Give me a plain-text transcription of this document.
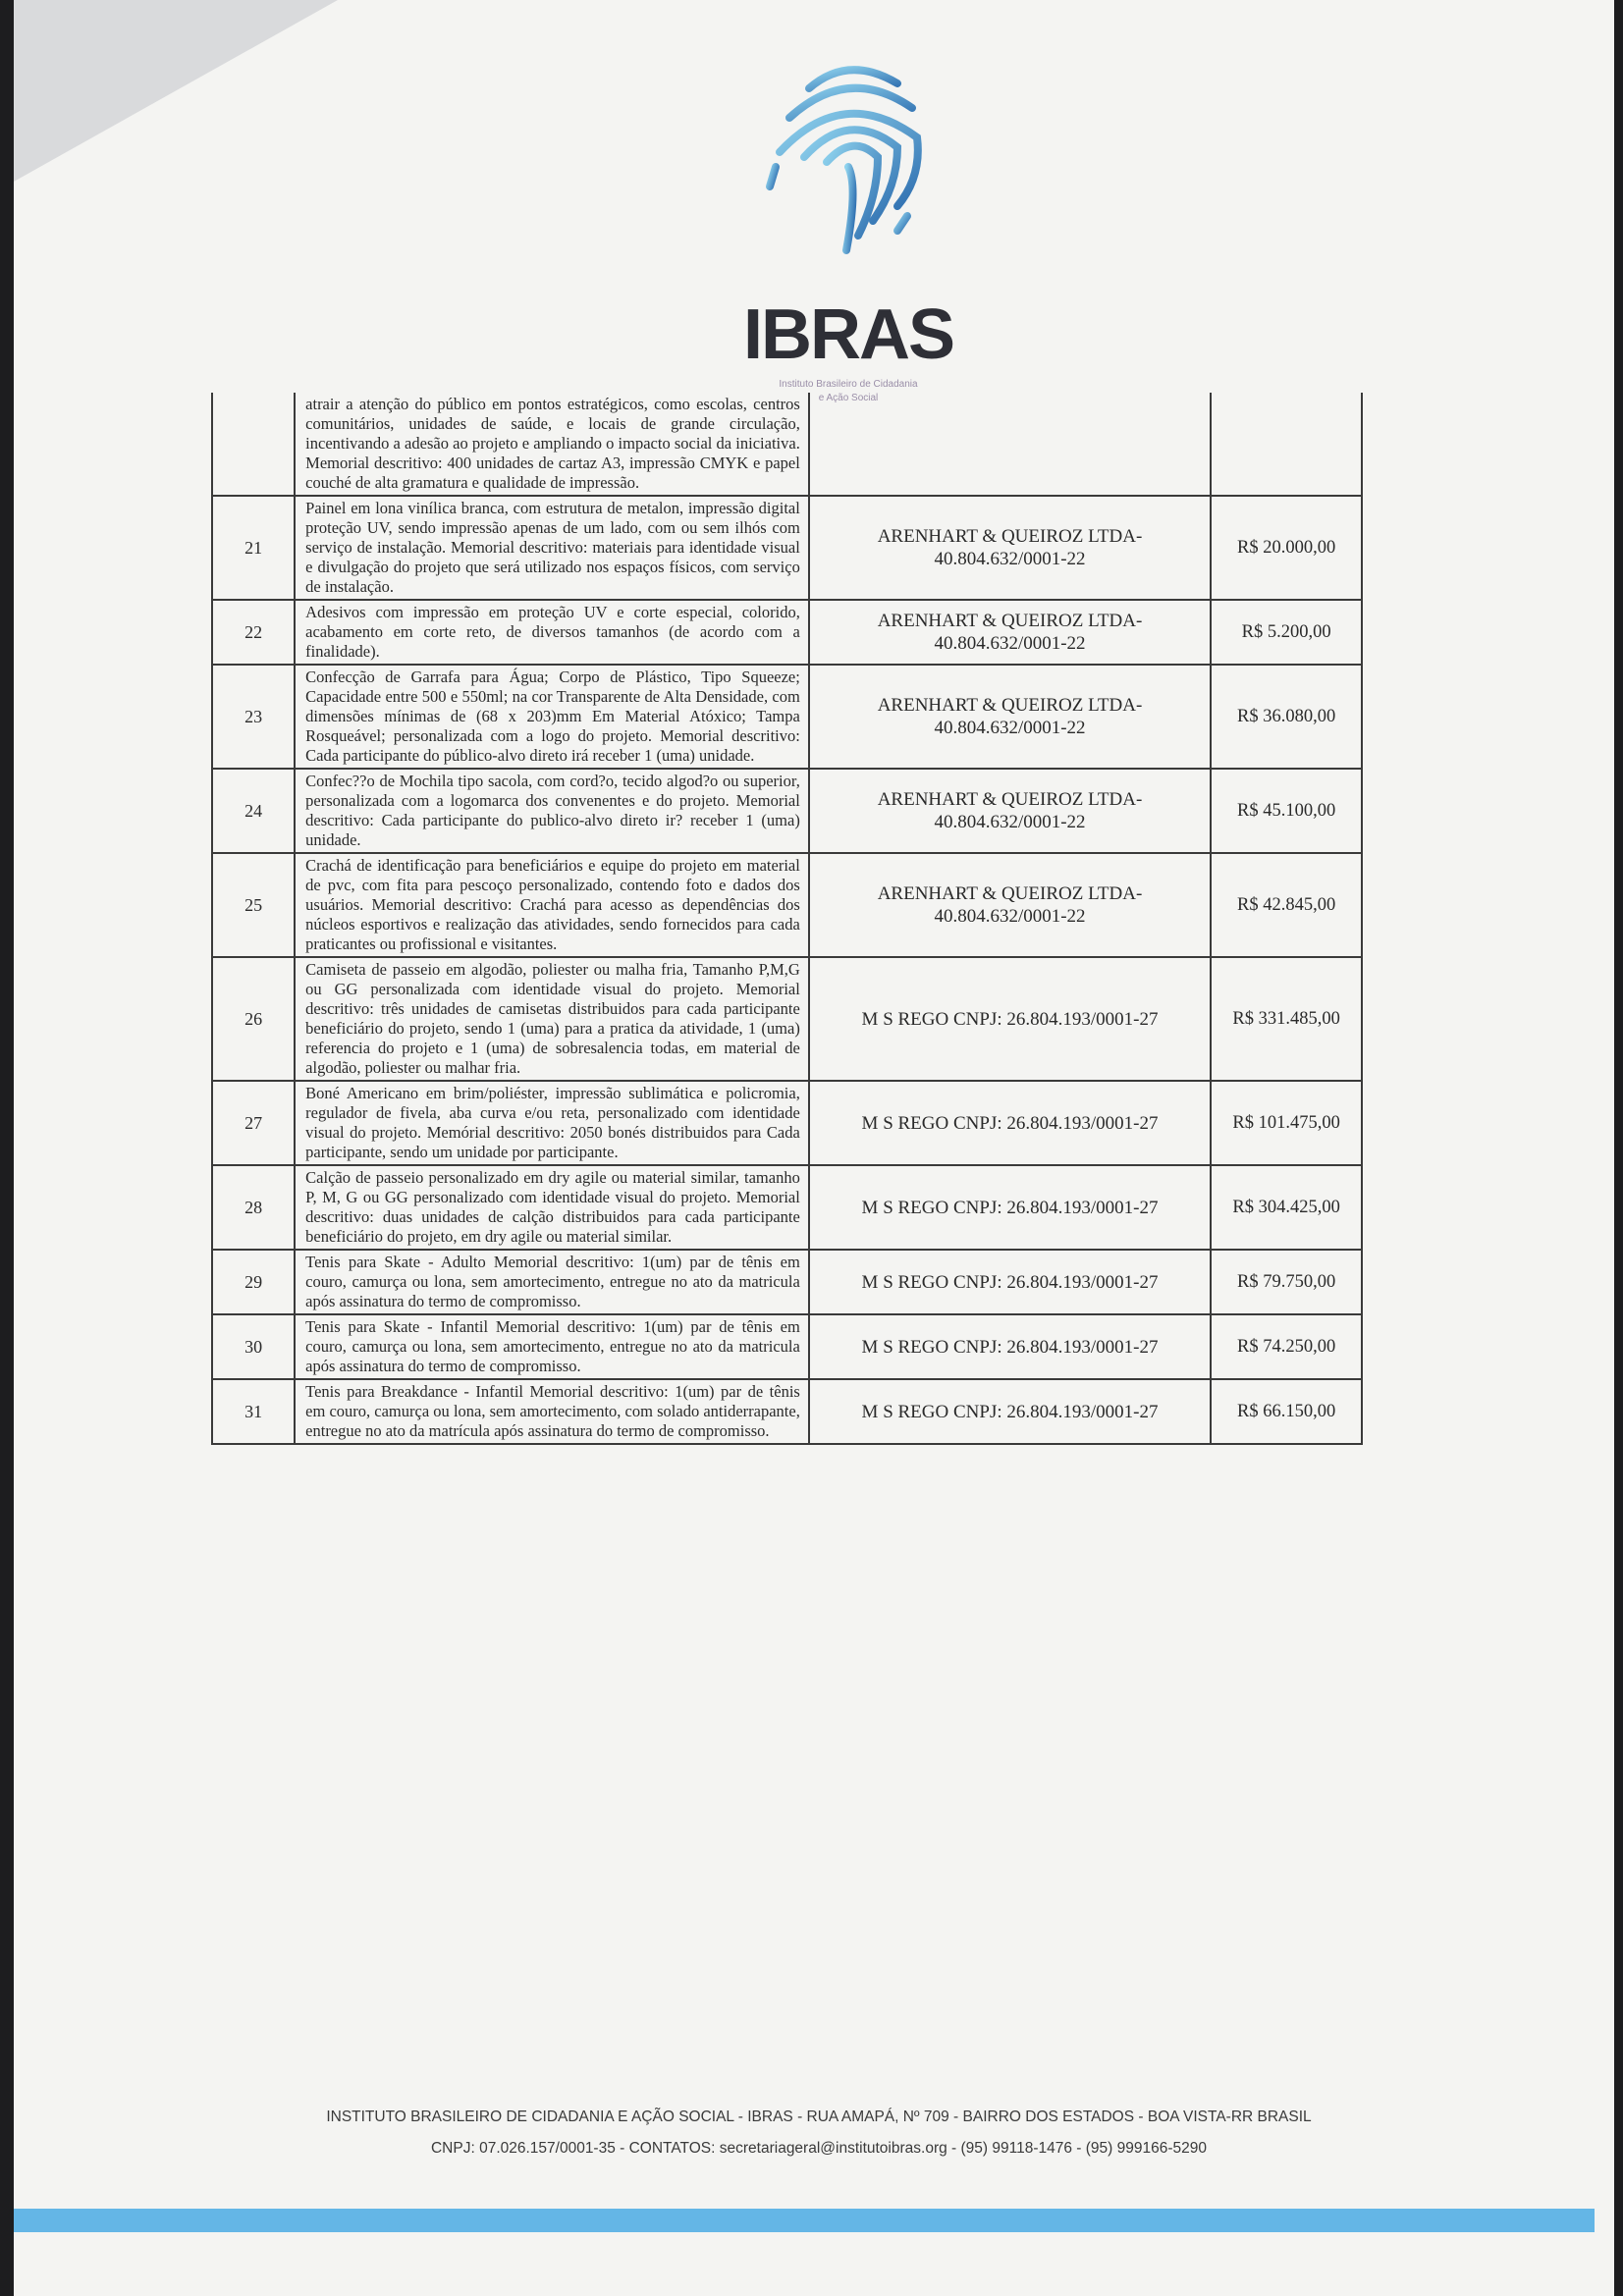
IBRAS
Instituto Brasileiro de Cidadania
e Ação Social
	atrair a atenção do público em pontos estratégicos, como escolas, centros comunitários, unidades de saúde, e locais de grande circulação, incentivando a adesão ao projeto e ampliando o impacto social da iniciativa. Memorial descritivo: 400 unidades de cartaz A3, impressão CMYK e papel couché de alta gramatura e qualidade de impressão.		
21	Painel em lona vinílica branca, com estrutura de metalon, impressão digital proteção UV, sendo impressão apenas de um lado, com ou sem ilhós com serviço de instalação. Memorial descritivo: materiais para identidade visual e divulgação do projeto que será utilizado nos espaços físicos, com serviço de instalação.	ARENHART & QUEIROZ LTDA- 40.804.632/0001-22	R$ 20.000,00
22	Adesivos com impressão em proteção UV e corte especial, colorido, acabamento em corte reto, de diversos tamanhos (de acordo com a finalidade).	ARENHART & QUEIROZ LTDA- 40.804.632/0001-22	R$ 5.200,00
23	Confecção de Garrafa para Água; Corpo de Plástico, Tipo Squeeze; Capacidade entre 500 e 550ml; na cor Transparente de Alta Densidade, com dimensões mínimas de (68 x 203)mm Em Material Atóxico; Tampa Rosqueável; personalizada com a logo do projeto. Memorial descritivo: Cada participante do público-alvo direto irá receber 1 (uma) unidade.	ARENHART & QUEIROZ LTDA- 40.804.632/0001-22	R$ 36.080,00
24	Confec??o de Mochila tipo sacola, com cord?o, tecido algod?o ou superior, personalizada com a logomarca dos convenentes e do projeto. Memorial descritivo: Cada participante do publico-alvo direto ir? receber 1 (uma) unidade.	ARENHART & QUEIROZ LTDA- 40.804.632/0001-22	R$ 45.100,00
25	Crachá de identificação para beneficiários e equipe do projeto em material de pvc, com fita para pescoço personalizado, contendo foto e dados dos usuários. Memorial descritivo: Crachá para acesso as dependências dos núcleos esportivos e realização das atividades, sendo fornecidos para cada praticantes ou profissional e visitantes.	ARENHART & QUEIROZ LTDA- 40.804.632/0001-22	R$ 42.845,00
26	Camiseta de passeio em algodão, poliester ou malha fria, Tamanho P,M,G ou GG personalizada com identidade visual do projeto. Memorial descritivo: três unidades de camisetas distribuidos para cada participante beneficiário do projeto, sendo 1 (uma) para a pratica da atividade, 1 (uma) referencia do projeto e 1 (uma) de sobresalencia todas, em material de algodão, poliester ou malhar fria.	M S REGO CNPJ: 26.804.193/0001-27	R$ 331.485,00
27	Boné Americano em brim/poliéster, impressão sublimática e policromia, regulador de fivela, aba curva e/ou reta, personalizado com identidade visual do projeto. Memórial descritivo: 2050 bonés distribuidos para Cada participante, sendo um unidade por participante.	M S REGO CNPJ: 26.804.193/0001-27	R$ 101.475,00
28	Calção de passeio personalizado em dry agile ou material similar, tamanho P, M, G ou GG personalizado com identidade visual do projeto. Memorial descritivo: duas unidades de calção distribuidos para cada participante beneficiário do projeto, em dry agile ou material similar.	M S REGO CNPJ: 26.804.193/0001-27	R$ 304.425,00
29	Tenis para Skate - Adulto Memorial descritivo: 1(um) par de tênis em couro, camurça ou lona, sem amortecimento, entregue no ato da matricula após assinatura do termo de compromisso.	M S REGO CNPJ: 26.804.193/0001-27	R$ 79.750,00
30	Tenis para Skate - Infantil Memorial descritivo: 1(um) par de tênis em couro, camurça ou lona, sem amortecimento, entregue no ato da matricula após assinatura do termo de compromisso.	M S REGO CNPJ: 26.804.193/0001-27	R$ 74.250,00
31	Tenis para Breakdance - Infantil Memorial descritivo: 1(um) par de tênis em couro, camurça ou lona, sem amortecimento, com solado antiderrapante, entregue no ato da matrícula após assinatura do termo de compromisso.	M S REGO CNPJ: 26.804.193/0001-27	R$ 66.150,00
INSTITUTO BRASILEIRO DE CIDADANIA E AÇÃO SOCIAL - IBRAS - RUA AMAPÁ, Nº 709 - BAIRRO DOS ESTADOS - BOA VISTA-RR BRASIL
CNPJ: 07.026.157/0001-35 - CONTATOS: secretariageral@institutoibras.org - (95) 99118-1476 - (95) 999166-5290
